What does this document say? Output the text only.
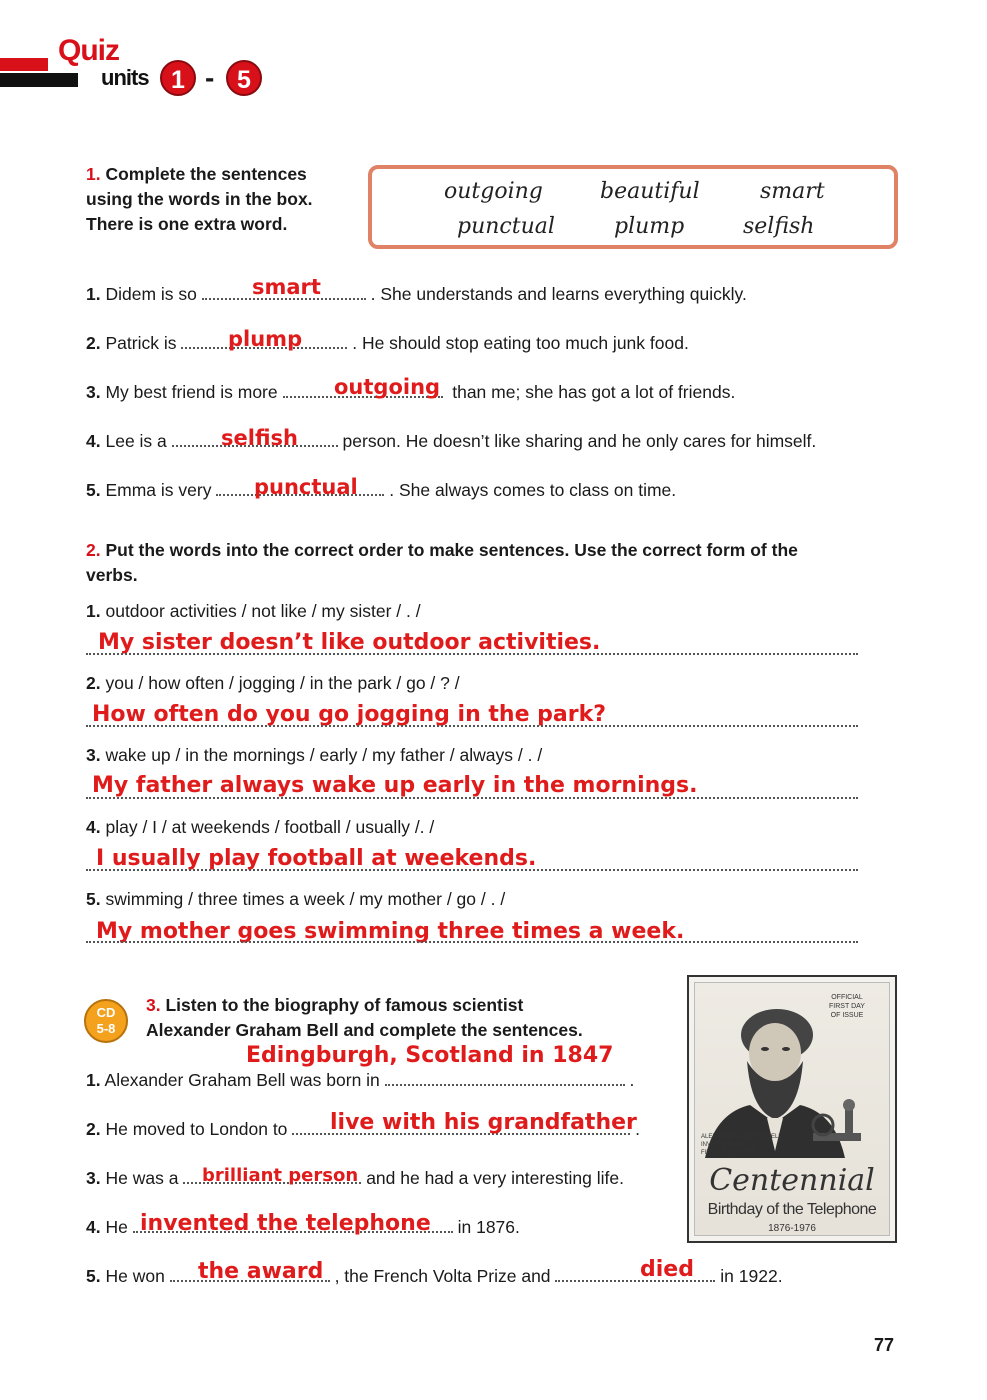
Quiz
units 1 - 5
1. Complete the sentences
using the words in the box.
There is one extra word.
outgoing	beautiful	smart
punctual	plump	selfish
1. Didem is so	. She understands and learns everything quickly.
smart
2. Patrick is	. He should stop eating too much junk food.
plump
3. My best friend is more	than me; she has got a lot of friends.
outgoing
4. Lee is a	person. He doesn’t like sharing and he only cares for himself.
selfish
5. Emma is very	. She always comes to class on time.
punctual
2. Put the words into the correct order to make sentences. Use the correct form of the
verbs.
1. outdoor activities / not like / my sister / . /
My sister doesn’t like outdoor activities.
2. you / how often / jogging / in the park / go / ? /
How often do you go jogging in the park?
3. wake up / in the mornings / early / my father / always / . /
My father always wake up early in the mornings.
4. play / I / at weekends / football / usually /. /
I usually play football at weekends.
5. swimming / three times a week / my mother / go / . /
My mother goes swimming three times a week.
CD
5-8
3. Listen to the biography of famous scientist
Alexander Graham Bell and complete the sentences.
Edingburgh, Scotland in 1847
1. Alexander Graham Bell was born in	.
2. He moved to London to	.
live with his grandfather
3. He was a	and he had a very interesting life.
brilliant person
4. He	in 1876.
invented the telephone
5. He won	, the French Volta Prize and	in 1922.
the award	died
OFFICIAL
FIRST DAY
OF ISSUE
ALEXANDER GRAHAM BELL
INVENTOR OF
FIRST TELEPHONE
Centennial
Birthday of the Telephone
1876-1976
77
